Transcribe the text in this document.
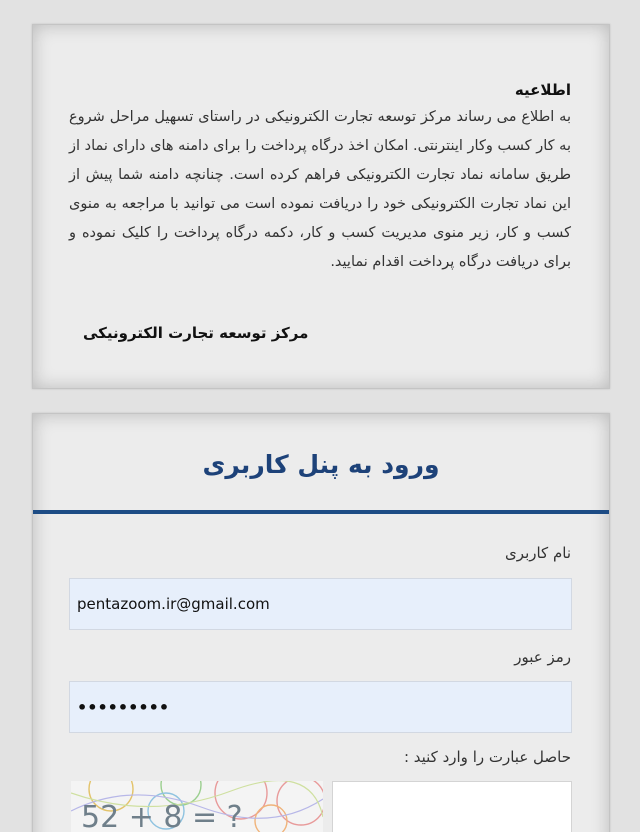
اطلاعیه
به اطلاع می رساند مرکز توسعه تجارت الکترونیکی در راستای تسهیل مراحل شروع به کار کسب وکار اینترنتی. امکان اخذ درگاه پرداخت را برای دامنه های دارای نماد از طریق سامانه نماد تجارت الکترونیکی فراهم کرده است. چنانچه دامنه شما پیش از این نماد تجارت الکترونیکی خود را دریافت نموده است می توانید با مراجعه به منوی کسب و کار، زیر منوی مدیریت کسب و کار، دکمه درگاه پرداخت را کلیک نموده و برای دریافت درگاه پرداخت اقدام نمایید.
مرکز توسعه تجارت الکترونیکی
ورود به پنل کاربری
نام کاربری
pentazoom.ir@gmail.com
رمز عبور
•••••••••
حاصل عبارت را وارد کنید :
52 + 8 = ?
